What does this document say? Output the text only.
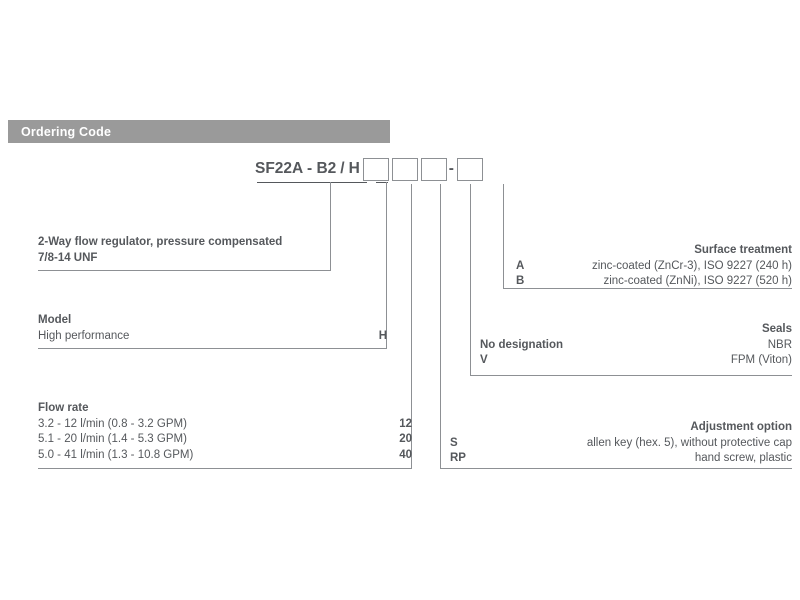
Ordering Code
SF22A - B2 / H	-
2-Way flow regulator, pressure compensated
7/8-14 UNF
Model
High performance	H
Flow rate
3.2 - 12 l/min (0.8 - 3.2 GPM)	12
5.1 - 20 l/min (1.4 - 5.3 GPM)	20
5.0 - 41 l/min (1.3 - 10.8 GPM)	40
Surface treatment
A	zinc-coated (ZnCr-3), ISO 9227 (240 h)
B	zinc-coated (ZnNi), ISO 9227 (520 h)
Seals
No designation	NBR
V	FPM (Viton)
Adjustment option
S	allen key (hex. 5), without protective cap
RP	hand screw, plastic
